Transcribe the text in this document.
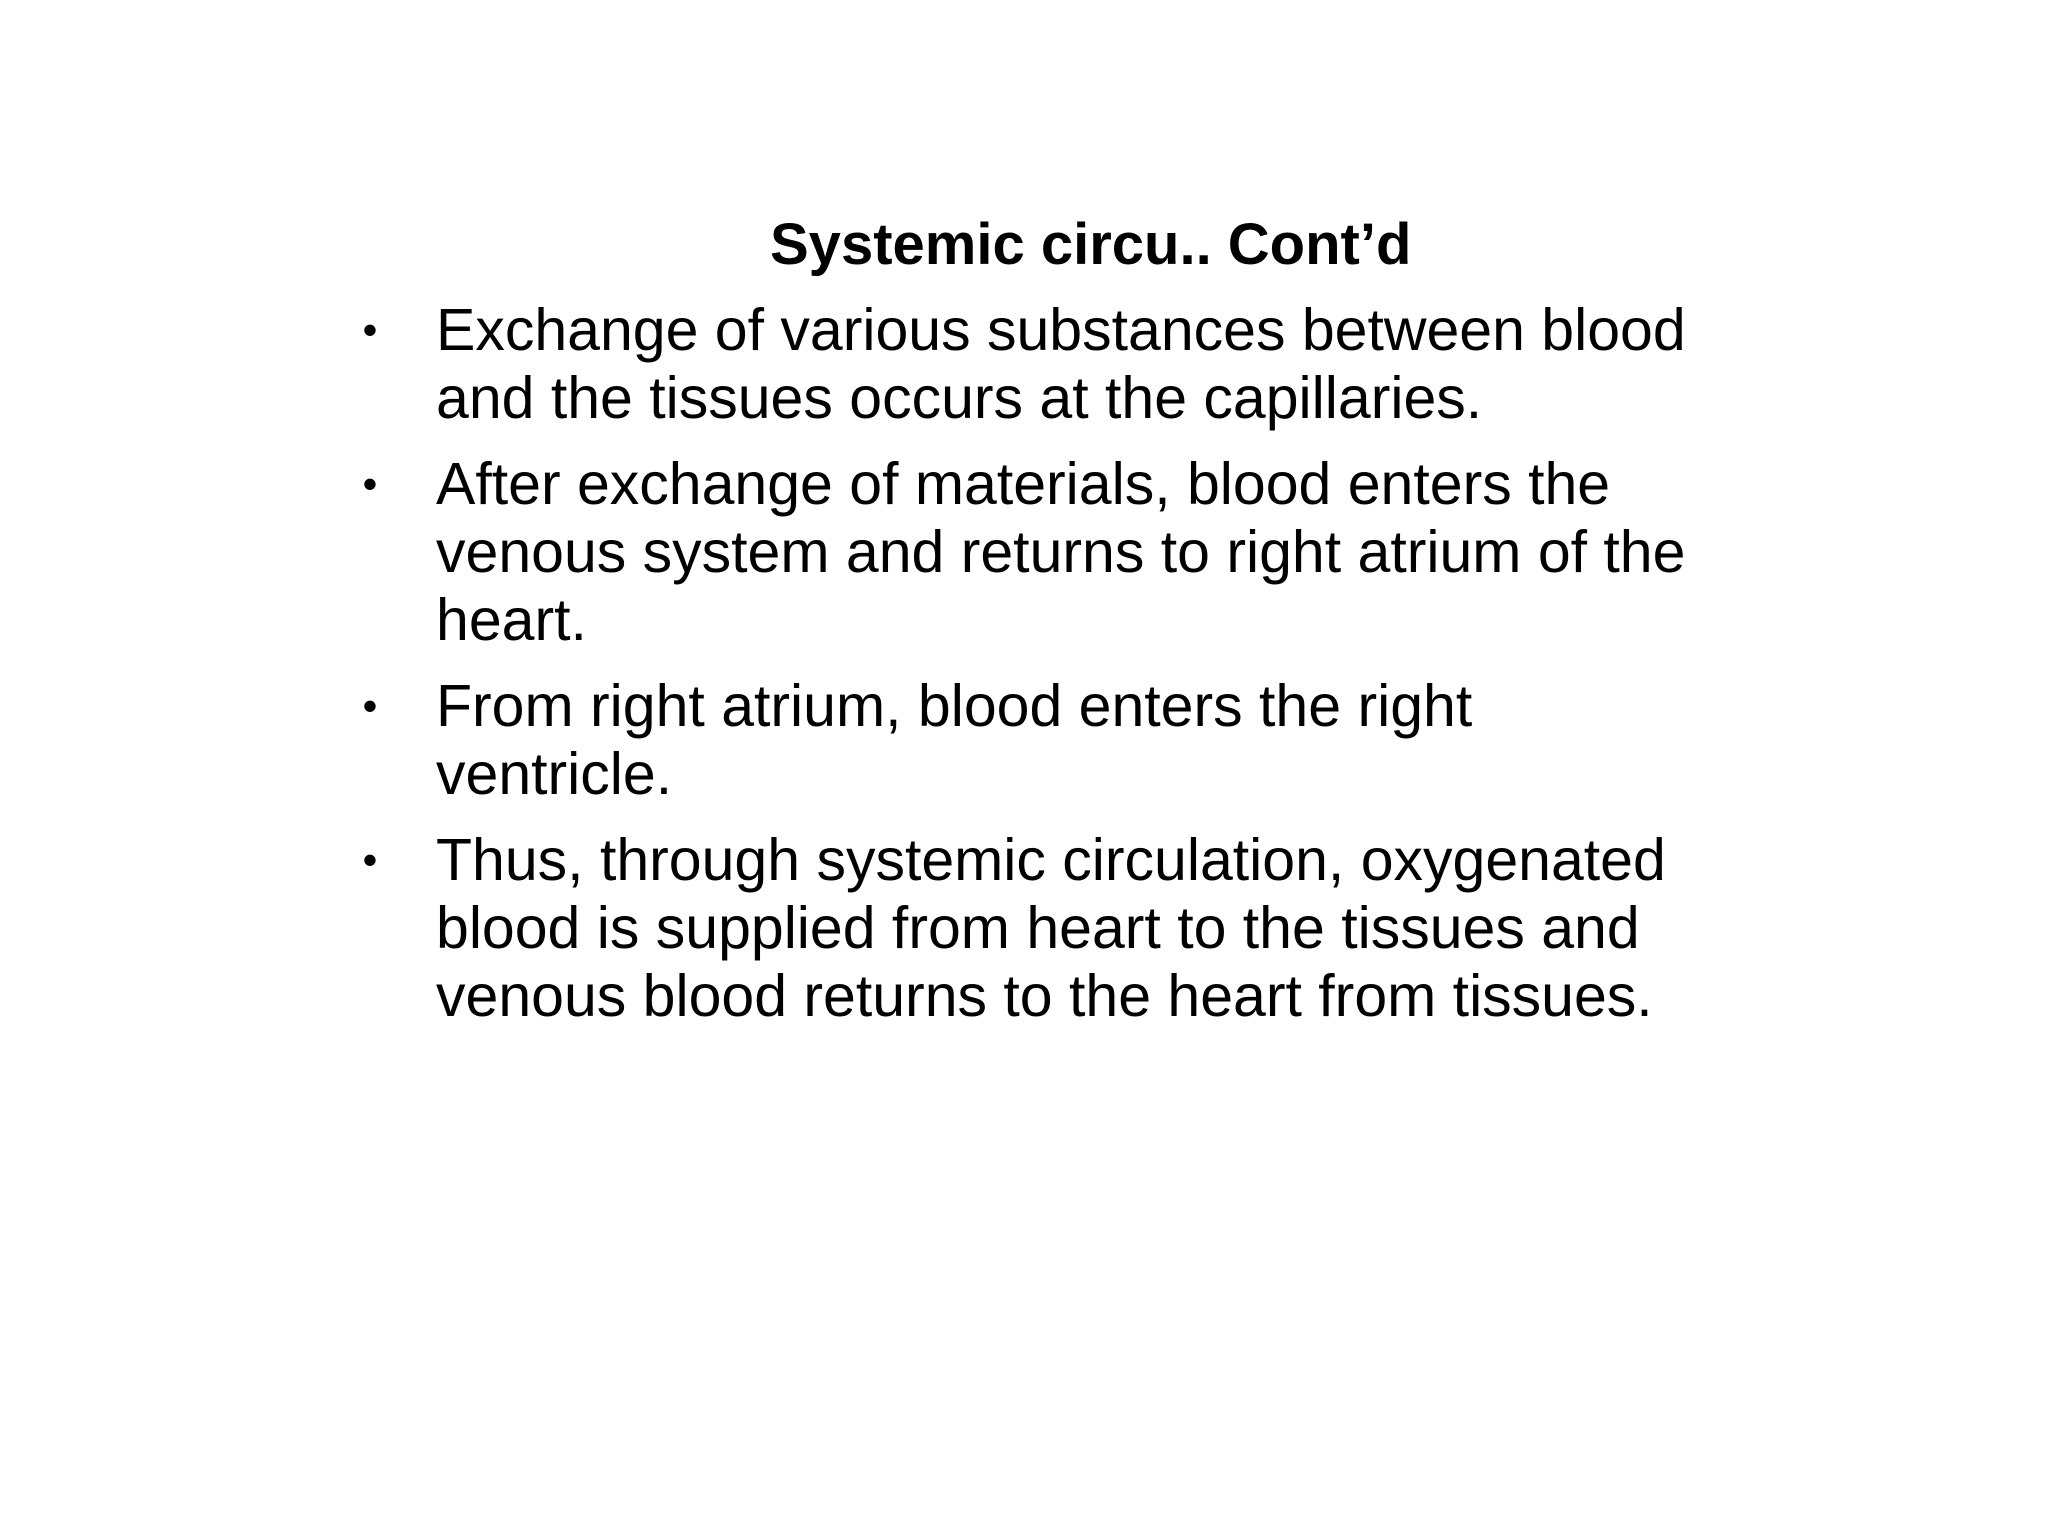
Systemic circu.. Cont’d
• Exchange of various substances between blood and the tissues occurs at the capillaries.
• After exchange of materials, blood enters the venous system and returns to right atrium of the heart.
• From right atrium, blood enters the right ventricle.
• Thus, through systemic circulation, oxygenated blood is supplied from heart to the tissues and venous blood returns to the heart from tissues.
